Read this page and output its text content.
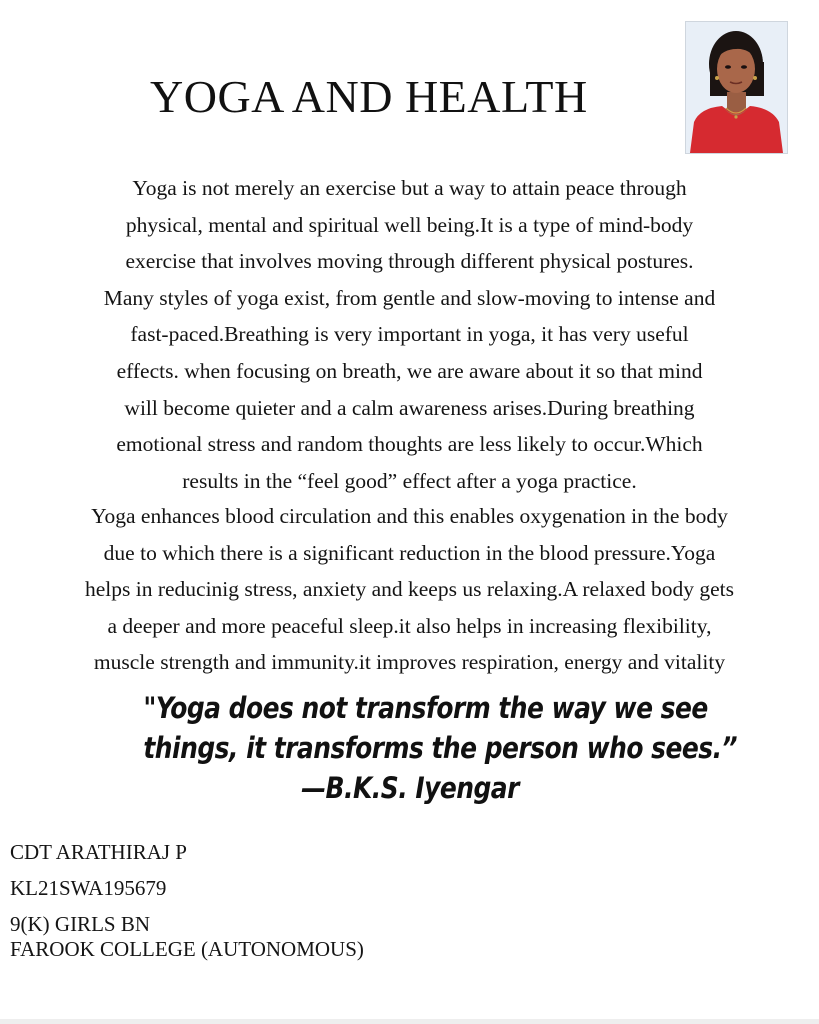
YOGA AND HEALTH
Yoga is not merely an exercise but a way to attain peace through
physical, mental and spiritual well being.It is a type of mind-body
exercise that involves moving through different physical postures.
Many styles of yoga exist, from gentle and slow-moving to intense and
fast-paced.Breathing is very important in yoga, it has very useful
effects. when focusing on breath, we are aware about it so that mind
will become quieter and a calm awareness arises.During breathing
emotional stress and random thoughts are less likely to occur.Which
results in the “feel good” effect after a yoga practice.
Yoga enhances blood circulation and this enables oxygenation in the body
due to which there is a significant reduction in the blood pressure.Yoga
helps in reducinig stress, anxiety and keeps us relaxing.A relaxed body gets
a deeper and more peaceful sleep.it also helps in increasing flexibility,
muscle strength and immunity.it improves respiration, energy and vitality
"Yoga does not transform the way we see
things, it transforms the person who sees.”
—B.K.S. Iyengar
CDT ARATHIRAJ P
KL21SWA195679
9(K) GIRLS BN
FAROOK COLLEGE (AUTONOMOUS)
